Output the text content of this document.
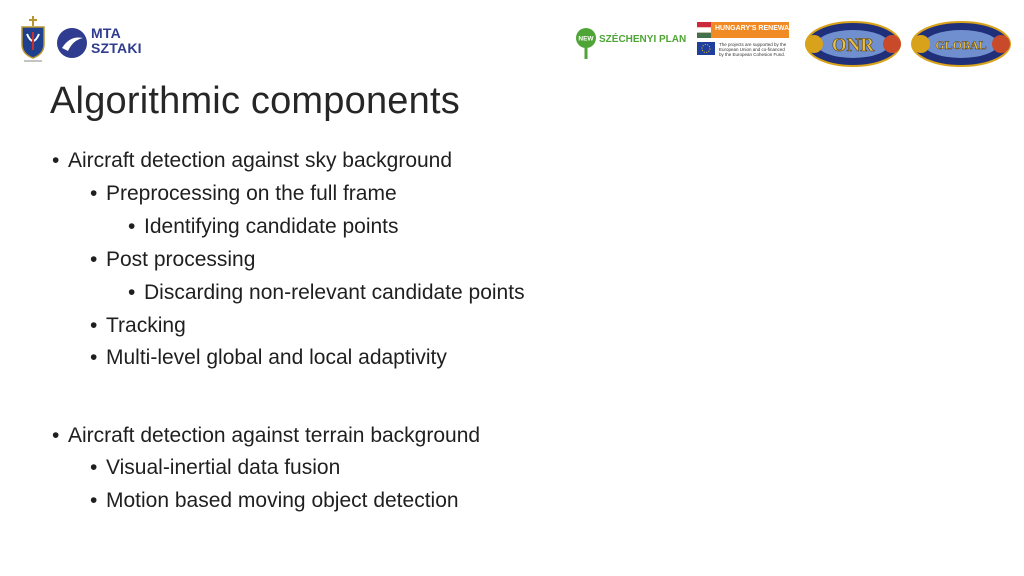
MTA
SZTAKI
NEW SZÉCHENYI PLAN
HUNGARY'S RENEWAL
The projects are supported by the European Union and co-financed by the European Cohesion Fund. ONR	GLOBAL
Algorithmic components
• Aircraft detection against sky background
• Preprocessing on the full frame
• Identifying candidate points
• Post processing
• Discarding non-relevant candidate points
• Tracking
• Multi-level global and local adaptivity
• Aircraft detection against terrain background
• Visual-inertial data fusion
• Motion based moving object detection
